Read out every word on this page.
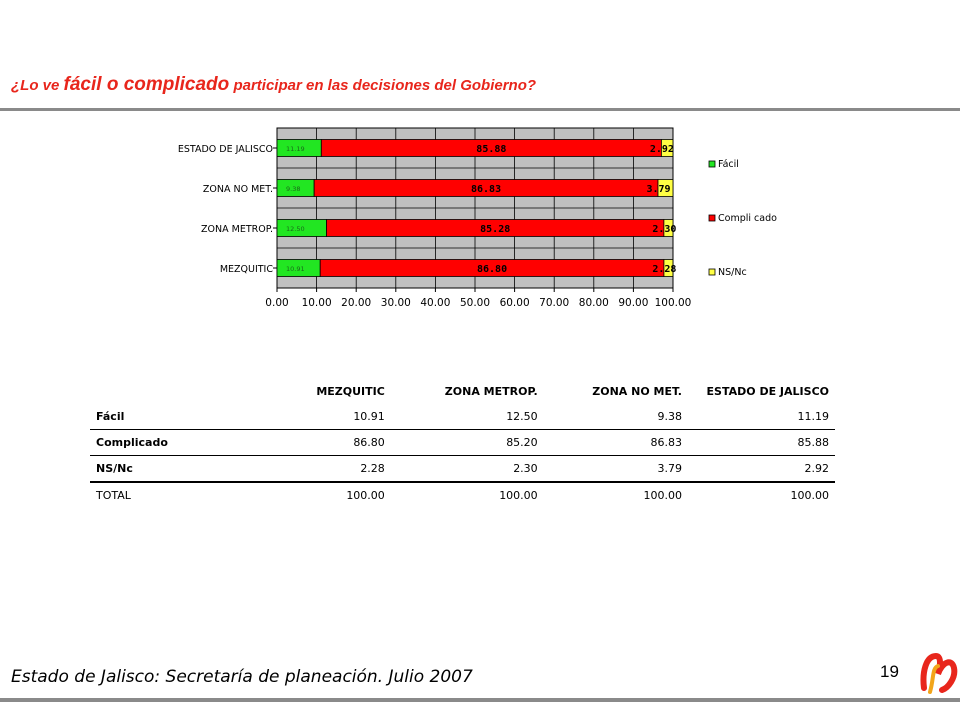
¿Lo ve fácil o complicado participar en las decisiones del Gobierno?
0.00 10.00 20.00 30.00 40.00 50.00 60.00 70.00 80.00 90.00 100.00
ESTADO DE JALISCO 11.19	85.88	2.92
ZONA NO MET. 9.38	86.83	3.79
ZONA METROP. 12.50	85.28	2.30
MEZQUITIC 10.91	86.80	2.28
Fácil
Compli cado
NS/Nc
	MEZQUITIC	ZONA METROP.	ZONA NO MET.	ESTADO DE JALISCO
Fácil	10.91	12.50	9.38	11.19
Complicado	86.80	85.20	86.83	85.88
NS/Nc	2.28	2.30	3.79	2.92
TOTAL	100.00	100.00	100.00	100.00
Estado de Jalisco: Secretaría de planeación. Julio 2007	19
